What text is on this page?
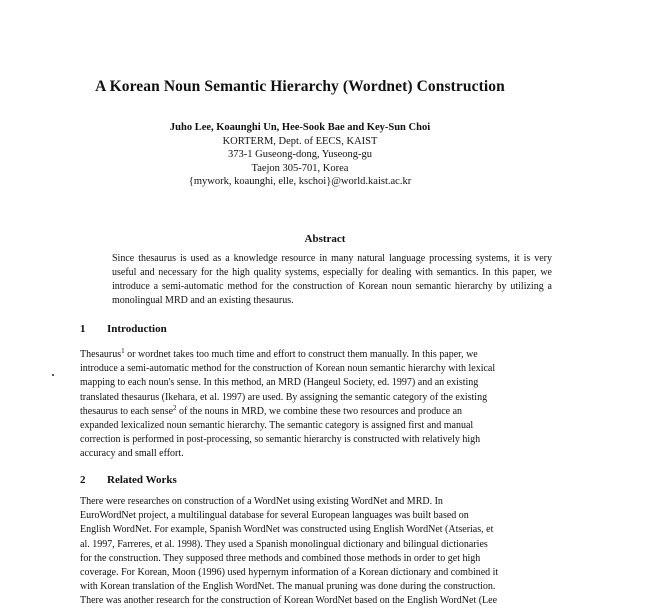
A Korean Noun Semantic Hierarchy (Wordnet) Construction
Juho Lee, Koaunghi Un, Hee-Sook Bae and Key-Sun Choi
KORTERM, Dept. of EECS, KAIST
373-1 Guseong-dong, Yuseong-gu
Taejon 305-701, Korea
{mywork, koaunghi, elle, kschoi}@world.kaist.ac.kr
Abstract
Since thesaurus is used as a knowledge resource in many natural language processing systems, it is very useful and necessary for the high quality systems, especially for dealing with semantics. In this paper, we introduce a semi-automatic method for the construction of Korean noun semantic hierarchy by utilizing a monolingual MRD and an existing thesaurus.
1 Introduction
Thesaurus$^1$ or wordnet takes too much time and effort to construct them manually. In this paper, we
introduce a semi-automatic method for the construction of Korean noun semantic hierarchy with lexical
mapping to each noun's sense. In this method, an MRD (Hangeul Society, ed. 1997) and an existing
translated thesaurus (Ikehara, et al. 1997) are used. By assigning the semantic category of the existing
thesaurus to each sense$^2$ of the nouns in MRD, we combine these two resources and produce an
expanded lexicalized noun semantic hierarchy. The semantic category is assigned first and manual
correction is performed in post-processing, so semantic hierarchy is constructed with relatively high
accuracy and small effort.
2 Related Works
There were researches on construction of a WordNet using existing WordNet and MRD. In
EuroWordNet project, a multilingual database for several European languages was built based on
English WordNet. For example, Spanish WordNet was constructed using English WordNet (Atserias, et
al. 1997, Farreres, et al. 1998). They used a Spanish monolingual dictionary and bilingual dictionaries
for the construction. They supposed three methods and combined those methods in order to get high
coverage. For Korean, Moon (1996) used hypernym information of a Korean dictionary and combined it
with Korean translation of the English WordNet. The manual pruning was done during the construction.
There was another research for the construction of Korean WordNet based on the English WordNet (Lee
